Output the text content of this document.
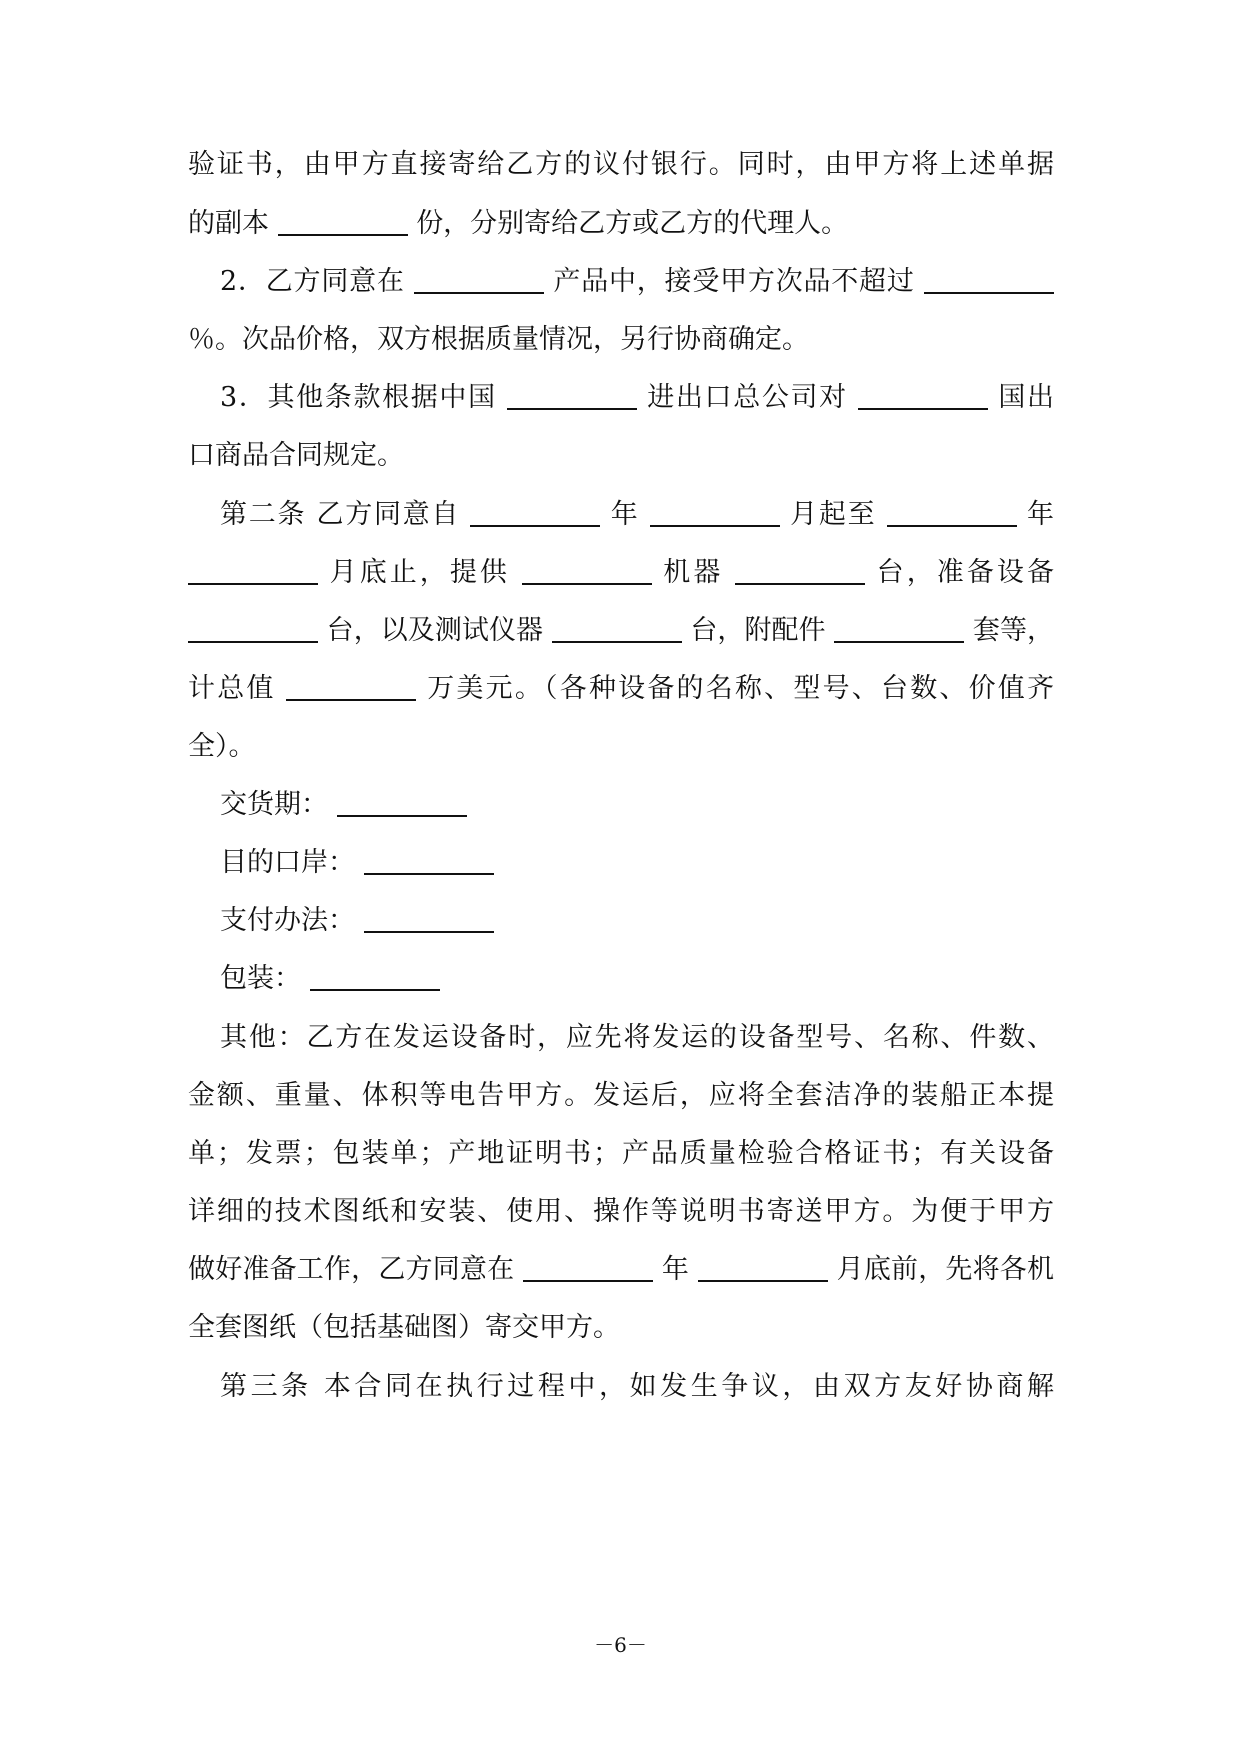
验证书，由甲方直接寄给乙方的议付银行。同时，由甲方将上述单据
的副本	份，分别寄给乙方或乙方的代理人。
2．乙方同意在	产品中，接受甲方次品不超过
％。次品价格，双方根据质量情况，另行协商确定。
3．其他条款根据中国	进出口总公司对	国出
口商品合同规定。
第二条 乙方同意自	年	月起至	年
月底止，提供	机器	台，准备设备
台，以及测试仪器	台，附配件	套等，
计总值	万美元。（各种设备的名称、型号、台数、价值齐
全）。
交货期：
目的口岸：
支付办法：
包装：
其他：乙方在发运设备时，应先将发运的设备型号、名称、件数、
金额、重量、体积等电告甲方。发运后，应将全套洁净的装船正本提
单；发票；包装单；产地证明书；产品质量检验合格证书；有关设备
详细的技术图纸和安装、使用、操作等说明书寄送甲方。为便于甲方
做好准备工作，乙方同意在	年	月底前，先将各机
全套图纸（包括基础图）寄交甲方。
第三条 本合同在执行过程中，如发生争议，由双方友好协商解
－6－
